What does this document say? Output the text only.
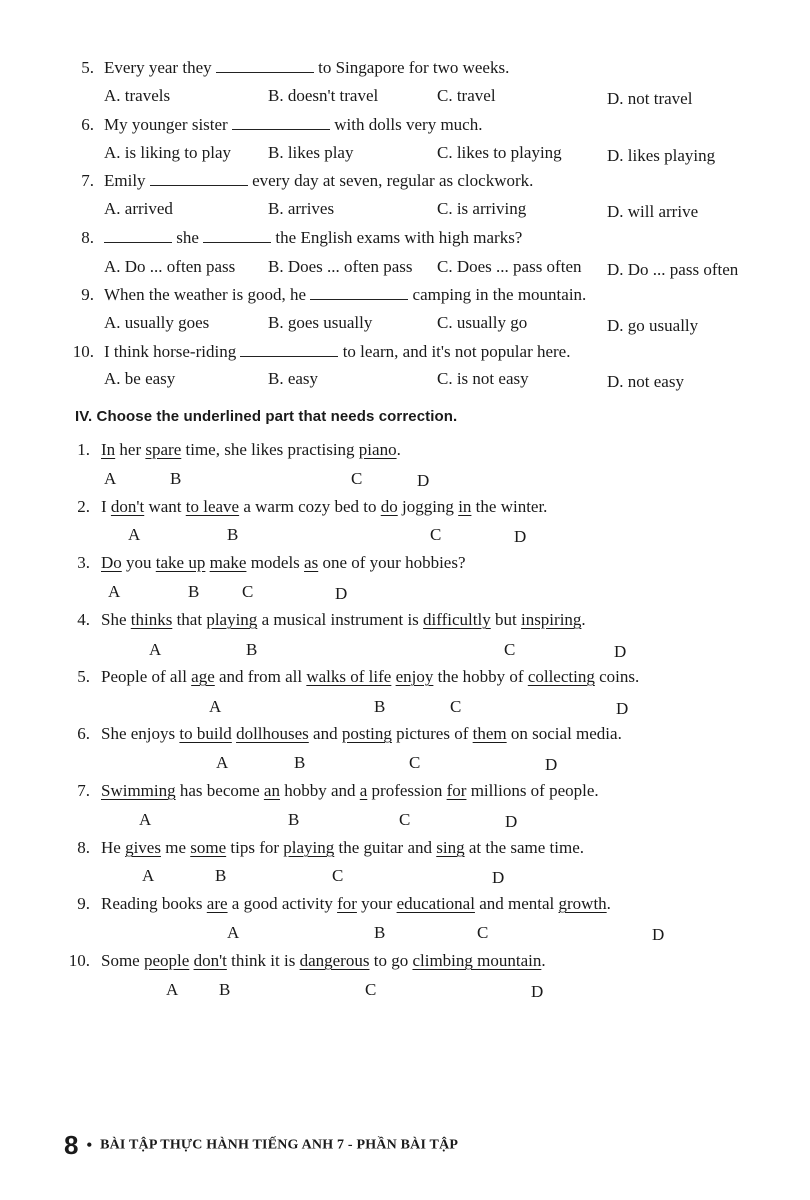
5. Every year they	to Singapore for two weeks.
A. travels	B. doesn't travel	C. travel	D. not travel
6. My younger sister	with dolls very much.
A. is liking to play B. likes play	C. likes to playing	D. likes playing
7. Emily	every day at seven, regular as clockwork.
A. arrived	B. arrives	C. is arriving	D. will arrive
8.	she	the English exams with high marks?
A. Do ... often pass B. Does ... often pass C. Does ... pass often D. Do ... pass often
9. When the weather is good, he	camping in the mountain.
A. usually goes	B. goes usually	C. usually go	D. go usually
10. I think horse-riding	to learn, and it's not popular here.
A. be easy	B. easy	C. is not easy	D. not easy
IV. Choose the underlined part that needs correction.
1. In her spare time, she likes practising piano.
A	B	C	D
2. I don't want to leave a warm cozy bed to do jogging in the winter.
A	B	C	D
3. Do you take up make models as one of your hobbies?
A	B	C	D
4. She thinks that playing a musical instrument is difficultly but inspiring.
A	B	C	D
5. People of all age and from all walks of life enjoy the hobby of collecting coins.
A	B	C	D
6. She enjoys to build dollhouses and posting pictures of them on social media.
A	B	C	D
7. Swimming has become an hobby and a profession for millions of people.
A	B	C	D
8. He gives me some tips for playing the guitar and sing at the same time.
A	B	C	D
9. Reading books are a good activity for your educational and mental growth.
A	B	C	D
10. Some people don't think it is dangerous to go climbing mountain.
A B	C	D
8 • BÀI TẬP THỰC HÀNH TIẾNG ANH 7 - PHẦN BÀI TẬP
